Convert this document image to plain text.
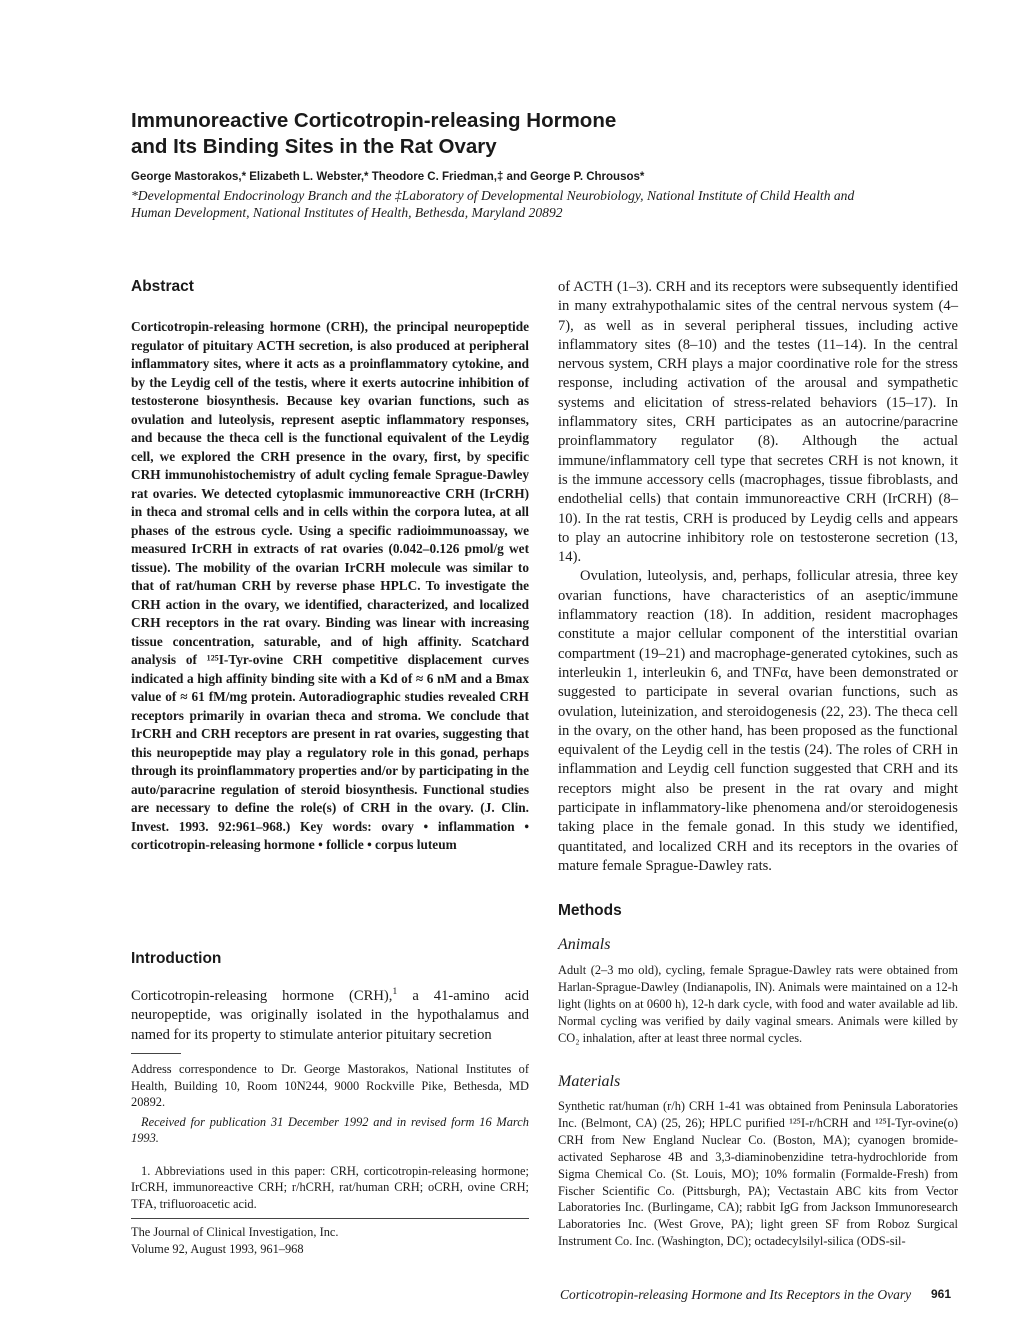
Immunoreactive Corticotropin-releasing Hormone
and Its Binding Sites in the Rat Ovary
George Mastorakos,* Elizabeth L. Webster,* Theodore C. Friedman,‡ and George P. Chrousos*
*Developmental Endocrinology Branch and the ‡Laboratory of Developmental Neurobiology, National Institute of Child Health and
Human Development, National Institutes of Health, Bethesda, Maryland 20892
Abstract
Corticotropin-releasing hormone (CRH), the principal neuropeptide regulator of pituitary ACTH secretion, is also produced at peripheral inflammatory sites, where it acts as a proinflammatory cytokine, and by the Leydig cell of the testis, where it exerts autocrine inhibition of testosterone biosynthesis. Because key ovarian functions, such as ovulation and luteolysis, represent aseptic inflammatory responses, and because the theca cell is the functional equivalent of the Leydig cell, we explored the CRH presence in the ovary, first, by specific CRH immunohistochemistry of adult cycling female Sprague-Dawley rat ovaries. We detected cytoplasmic immunoreactive CRH (IrCRH) in theca and stromal cells and in cells within the corpora lutea, at all phases of the estrous cycle. Using a specific radioimmunoassay, we measured IrCRH in extracts of rat ovaries (0.042–0.126 pmol/g wet tissue). The mobility of the ovarian IrCRH molecule was similar to that of rat/human CRH by reverse phase HPLC. To investigate the CRH action in the ovary, we identified, characterized, and localized CRH receptors in the rat ovary. Binding was linear with increasing tissue concentration, saturable, and of high affinity. Scatchard analysis of ¹²⁵I-Tyr-ovine CRH competitive displacement curves indicated a high affinity binding site with a Kd of ≈ 6 nM and a Bmax value of ≈ 61 fM/mg protein. Autoradiographic studies revealed CRH receptors primarily in ovarian theca and stroma. We conclude that IrCRH and CRH receptors are present in rat ovaries, suggesting that this neuropeptide may play a regulatory role in this gonad, perhaps through its proinflammatory properties and/or by participating in the auto/paracrine regulation of steroid biosynthesis. Functional studies are necessary to define the role(s) of CRH in the ovary. (J. Clin. Invest. 1993. 92:961–968.) Key words: ovary • inflammation • corticotropin-releasing hormone • follicle • corpus luteum
Introduction
Corticotropin-releasing hormone (CRH),$^1$ a 41-amino acid neuropeptide, was originally isolated in the hypothalamus and named for its property to stimulate anterior pituitary secretion

Address correspondence to Dr. George Mastorakos, National Institutes of Health, Building 10, Room 10N244, 9000 Rockville Pike, Bethesda, MD 20892.

Received for publication 31 December 1992 and in revised form 16 March 1993.

1. Abbreviations used in this paper: CRH, corticotropin-releasing hormone; IrCRH, immunoreactive CRH; r/hCRH, rat/human CRH; oCRH, ovine CRH; TFA, trifluoroacetic acid.

The Journal of Clinical Investigation, Inc.

Volume 92, August 1993, 961–968

of ACTH (1–3). CRH and its receptors were subsequently identified in many extrahypothalamic sites of the central nervous system (4–7), as well as in several peripheral tissues, including active inflammatory sites (8–10) and the testes (11–14). In the central nervous system, CRH plays a major coordinative role for the stress response, including activation of the arousal and sympathetic systems and elicitation of stress-related behaviors (15–17). In inflammatory sites, CRH participates as an autocrine/paracrine proinflammatory regulator (8). Although the actual immune/inflammatory cell type that secretes CRH is not known, it is the immune accessory cells (macrophages, tissue fibroblasts, and endothelial cells) that contain immunoreactive CRH (IrCRH) (8–10). In the rat testis, CRH is produced by Leydig cells and appears to play an autocrine inhibitory role on testosterone secretion (13, 14).

Ovulation, luteolysis, and, perhaps, follicular atresia, three key ovarian functions, have characteristics of an aseptic/immune inflammatory reaction (18). In addition, resident macrophages constitute a major cellular component of the interstitial ovarian compartment (19–21) and macrophage-generated cytokines, such as interleukin 1, interleukin 6, and TNFα, have been demonstrated or suggested to participate in several ovarian functions, such as ovulation, luteinization, and steroidogenesis (22, 23). The theca cell in the ovary, on the other hand, has been proposed as the functional equivalent of the Leydig cell in the testis (24). The roles of CRH in inflammation and Leydig cell function suggested that CRH and its receptors might also be present in the rat ovary and might participate in inflammatory-like phenomena and/or steroidogenesis taking place in the female gonad. In this study we identified, quantitated, and localized CRH and its receptors in the ovaries of mature female Sprague-Dawley rats.

Methods
Animals
Adult (2–3 mo old), cycling, female Sprague-Dawley rats were obtained from Harlan-Sprague-Dawley (Indianapolis, IN). Animals were maintained on a 12-h light (lights on at 0600 h), 12-h dark cycle, with food and water available ad lib. Normal cycling was verified by daily vaginal smears. Animals were killed by CO₂ inhalation, after at least three normal cycles.
Materials
Synthetic rat/human (r/h) CRH 1-41 was obtained from Peninsula Laboratories Inc. (Belmont, CA) (25, 26); HPLC purified ¹²⁵I-r/hCRH and ¹²⁵I-Tyr-ovine(o) CRH from New England Nuclear Co. (Boston, MA); cyanogen bromide-activated Sepharose 4B and 3,3-diaminobenzidine tetra-hydrochloride from Sigma Chemical Co. (St. Louis, MO); 10% formalin (Formalde-Fresh) from Fischer Scientific Co. (Pittsburgh, PA); Vectastain ABC kits from Vector Laboratories Inc. (Burlingame, CA); rabbit IgG from Jackson Immunoresearch Laboratories Inc. (West Grove, PA); light green SF from Roboz Surgical Instrument Co. Inc. (Washington, DC); octadecylsilyl-silica (ODS-sil-
Corticotropin-releasing Hormone and Its Receptors in the Ovary 961
